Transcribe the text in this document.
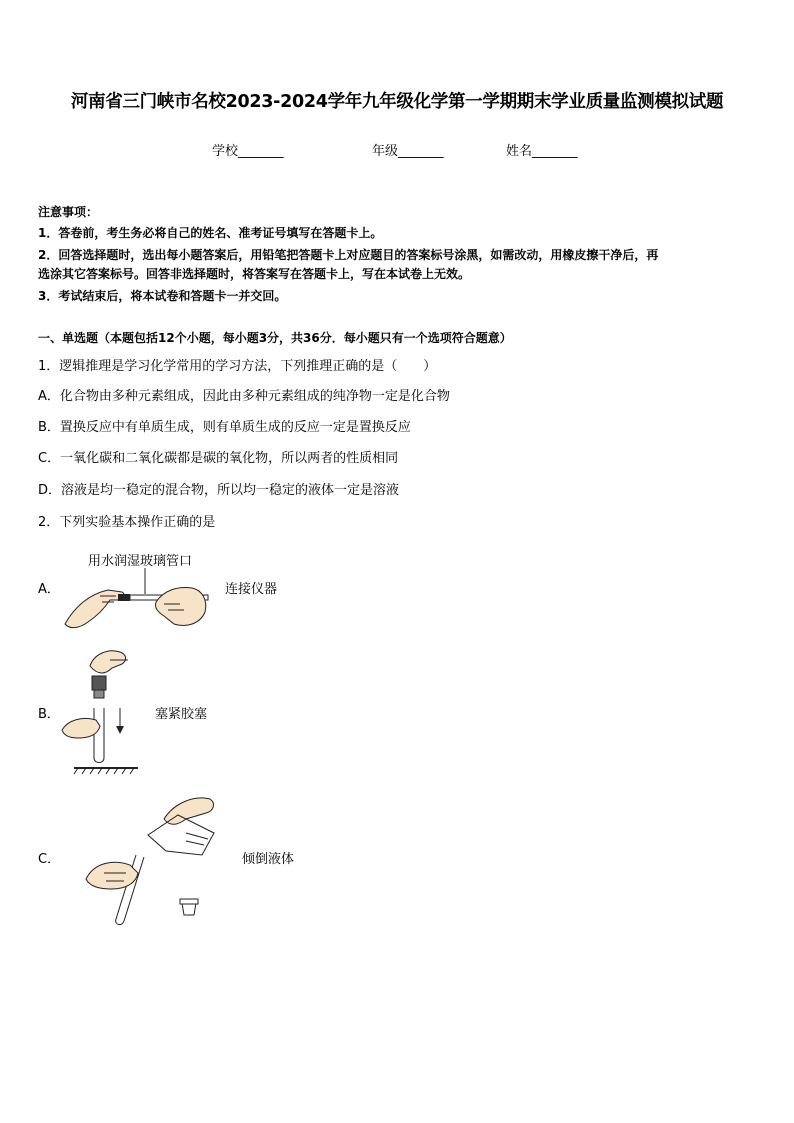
河南省三门峡市名校2023-2024学年九年级化学第一学期期末学业质量监测模拟试题
学校_______	年级_______	姓名_______
注意事项：
1．答卷前，考生务必将自己的姓名、准考证号填写在答题卡上。
2．回答选择题时，选出每小题答案后，用铅笔把答题卡上对应题目的答案标号涂黑，如需改动，用橡皮擦干净后，再
选涂其它答案标号。回答非选择题时，将答案写在答题卡上，写在本试卷上无效。
3．考试结束后，将本试卷和答题卡一并交回。
一、单选题（本题包括12个小题，每小题3分，共36分．每小题只有一个选项符合题意）
1．逻辑推理是学习化学常用的学习方法，下列推理正确的是（　　）
A．化合物由多种元素组成，因此由多种元素组成的纯净物一定是化合物
B．置换反应中有单质生成，则有单质生成的反应一定是置换反应
C．一氧化碳和二氧化碳都是碳的氧化物，所以两者的性质相同
D．溶液是均一稳定的混合物，所以均一稳定的液体一定是溶液
2．下列实验基本操作正确的是
A．
用水润湿玻璃管口
连接仪器
B．	塞紧胶塞
C．	倾倒液体
